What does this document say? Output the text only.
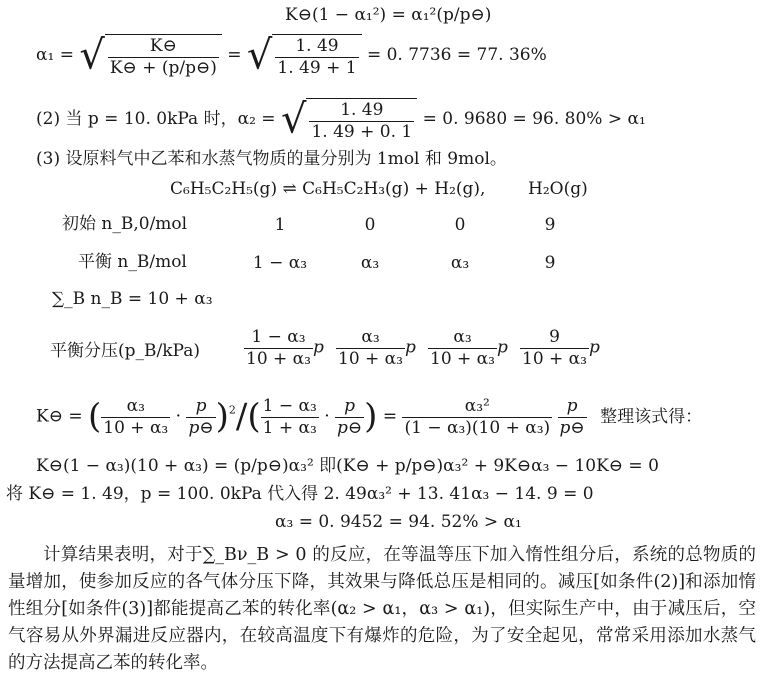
K⊖(1 − α₁²) = α₁²(p/p⊖)
α₁ = √ $\frac{K⊖}{K⊖ + (p/p⊖)}$ = √ $\frac{1. 49}{1. 49 + 1} = 0$. 7736 = 77. 36%
(2) 当 p = 10. 0kPa 时，α₂ = √ $\frac{1. 49}{1. 49 + 0. 1} = 0$. 9680 = 96. 80% > α₁
(3) 设原料气中乙苯和水蒸气物质的量分别为 1mol 和 9mol。
C₆H₅C₂H₅(g) ⇌ C₆H₅C₂H₃(g) + H₂(g),	H₂O(g)
初始 n_B,0/mol	1	0	0	9
平衡 n_B/mol	1 − α₃	α₃	α₃	9
∑_B n_B = 10 + α₃
平衡分压(p_B/kPa)	$\frac{\text{1 − α₃}}{\text{10 + α₃}}$ p $\frac{\text{α₃}}{\text{10 + α₃}}$ p $\frac{\text{α₃}}{\text{10 + α₃}}$ p $\frac{9}{\text{10 + α₃}}$ p
K⊖ = ( $\frac{\text{α₃}}{\text{10 + α₃}} \cdot \frac{p}{p⊖} )^2/( \frac{\text{1 − α₃}}{\text{1 + α₃}} \cdot \frac{p}{p⊖}$ ) = $\frac{\text{α₃²}}{\text{(1 − α₃)(10 + α₃)}}$
$\frac{p}{p⊖}$ 整理该式得：
K⊖(1 − α₃)(10 + α₃) = (p/p⊖)α₃² 即(K⊖ + p/p⊖)α₃² + 9K⊖α₃ − 10K⊖ = 0
将 K⊖ = 1. 49，p = 100. 0kPa 代入得 2. 49α₃² + 13. 41α₃ − 14. 9 = 0
α₃ = 0. 9452 = 94. 52% > α₁
计算结果表明，对于∑_Bν_B > 0 的反应，在等温等压下加入惰性组分后，系统的总物质的量增加，使参加反应的各气体分压下降，其效果与降低总压是相同的。减压[如条件(2)]和添加惰性组分[如条件(3)]都能提高乙苯的转化率(α₂ > α₁，α₃ > α₁)，但实际生产中，由于减压后，空气容易从外界漏进反应器内，在较高温度下有爆炸的危险，为了安全起见，常常采用添加水蒸气的方法提高乙苯的转化率。
